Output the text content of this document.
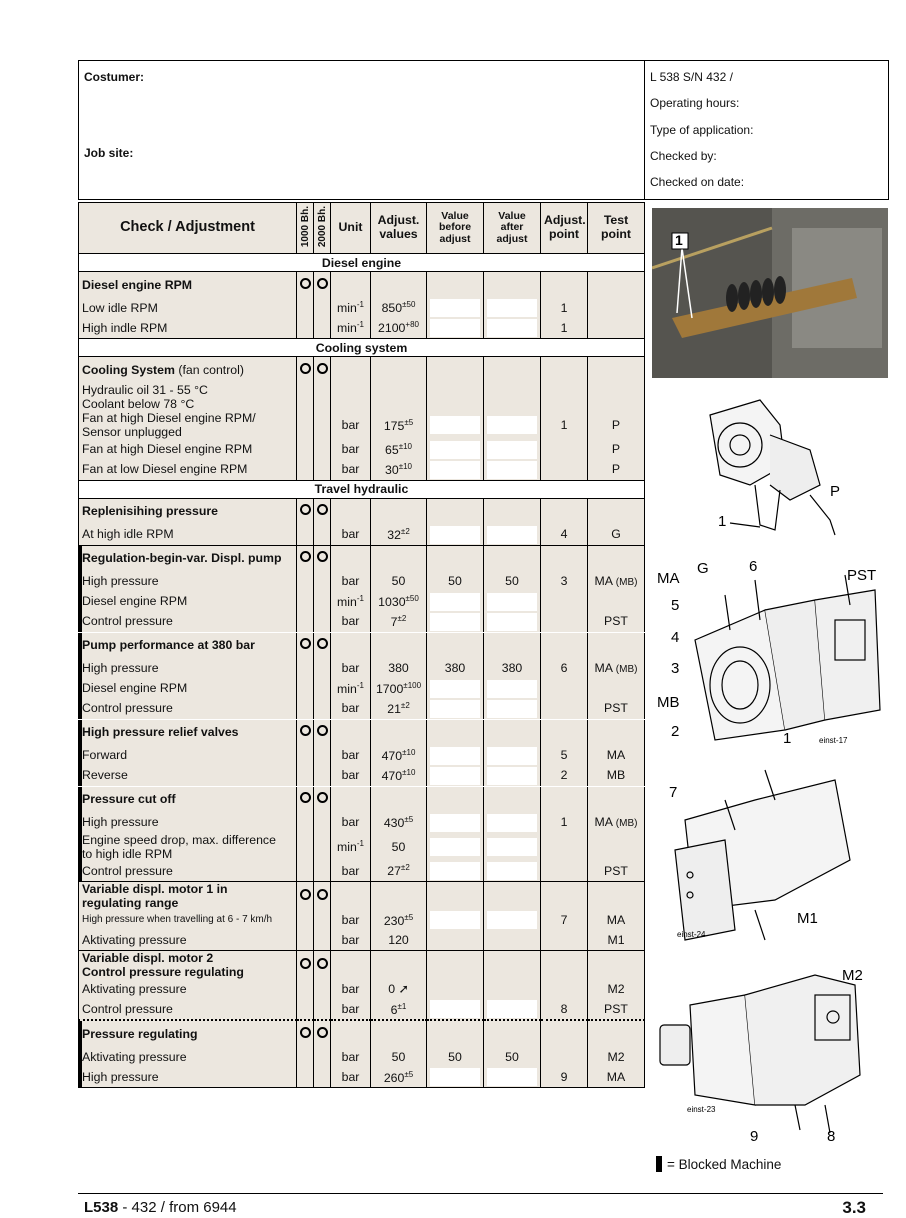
Costumer:
Job site:
L 538 S/N 432 /
Operating hours:
Type of application:
Checked by:
Checked on date:
Check / Adjustment	1000 Bh.	2000 Bh.	Unit	Adjust. values	Value before adjust	Value after adjust	Adjust. point	Test point
Diesel engine								
Diesel engine RPM								
Low idle RPM			$\min^{-1}$	$850^{\pm 50}$			1	
High indle RPM			$\min^{-1}$	$2100^{+80}$			1	
Cooling system								
Cooling System (fan control)								
Hydraulic oil 31 - 55 °C
Coolant below 78 °C								
Fan at high Diesel engine RPM/
Sensor unplugged			bar	$175^{\pm 5}$			1	P
Fan at high Diesel engine RPM			bar	$65^{\pm 10}$				P
Fan at low Diesel engine RPM			bar	$30^{\pm 10}$				P
Travel hydraulic								
Replenisihing pressure								
At high idle RPM			bar	$32^{\pm 2}$			4	G
Regulation-begin-var. Displ. pump								
High pressure			bar	50	50	50	3	MA (MB)
Diesel engine RPM			$\min^{-1}$	$1030^{\pm 50}$	

Control pressure			bar	$7^{\pm 2}$				PST
Pump performance at 380 bar								
High pressure			bar	380	380	380	6	MA (MB)
Diesel engine RPM			$\min^{-1}$	$1700^{\pm 100}$	

Control pressure			bar	$21^{\pm 2}$				PST
High pressure relief valves								
Forward			bar	$470^{\pm 10}$			5	MA
Reverse			bar	$470^{\pm 10}$			2	MB
Pressure cut off								
High pressure			bar	$430^{\pm 5}$			1	MA (MB)
Engine speed drop, max. difference
to high idle RPM			$\min^{-1}$	50	

Control pressure			bar	$27^{\pm 2}$				PST
Variable displ. motor 1 in
regulating range								
High pressure when travelling at 6 - 7 km/h			bar	$230^{\pm 5}$			7	MA
Aktivating pressure			bar	120				M1
Variable displ. motor 2
Control pressure regulating								
Aktivating pressure			bar	0 ➚				M2
Control pressure			bar	$6^{\pm 1}$			8	PST
Pressure regulating								
Aktivating pressure			bar	50	50	50		M2
High pressure			bar	$260^{\pm 5}$			9	MA
1
1
P
MA
G	6
PST
5
4
3
MB
2	1	einst-17
7
M1
einst-24
M2
9	8
einst-23
= Blocked Machine
L538 - 432 / from 6944	3.3
